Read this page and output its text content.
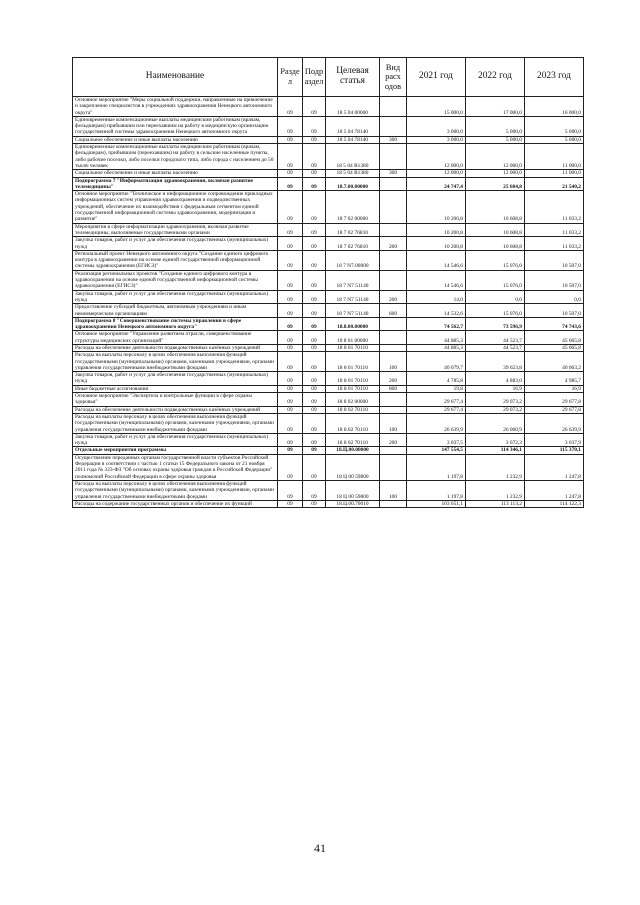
Наименование	Разде л	Подр аздел	Целевая статья	Вид расх одов	2021 год	2022 год	2023 год
Основное мероприятие "Меры социальной поддержки, направленные на привлечение и закрепление специалистов в учреждениях здравоохранения Ненецкого автономного округа"	09	09	18 5 04 00000		15 000,0	17 000,0	16 000,0
Единовременные компенсационные выплаты медицинским работникам (врачам, фельдшерам) прибывшим или переехавшим на работу в медицинскую организацию государственной системы здравоохранения Ненецкого автономного округа	09	09	18 5 04 78140		3 000,0	5 000,0	5 000,0
Социальное обеспечение и иные выплаты населению	09	09	18 5 04 78140	300	3 000,0	5 000,0	5 000,0
Единовременные компенсационные выплаты медицинским работникам (врачам, фельдшерам), прибывшим (переехавшим) на работу в сельские населенные пункты, либо рабочие поселки, либо поселки городского типа, либо города с населением до 50 тысяч человек	09	09	18 5 04 R1380		12 000,0	12 000,0	11 000,0
Социальное обеспечение и иные выплаты населению	09	09	18 5 04 R1380	300	12 000,0	12 000,0	11 000,0
Подпрограмма 7 "Информатизация здравоохранения, включая развитие телемедицины"	09	09	18.7.00.00000		24 747,4	25 684,8	21 540,2
Основное мероприятие "Техническое и информационное сопровождение прикладных информационных систем управления здравоохранения и подведомственных учреждений, обеспечение их взаимодействия с федеральным сегментом единой государственной информационной системы здравоохранения, модернизация и развитие"	09	09	18 7 02 00000		10 200,8	10 608,8	11 033,2
Мероприятия в сфере информатизации здравоохранения, включая развитие телемедицины, выполняемые государственными органами	09	09	18 7 02 76810		10 200,8	10 608,8	11 033,2
Закупка товаров, работ и услуг для обеспечения государственных (муниципальных) нужд	09	09	18 7 02 76810	200	10 200,8	10 608,8	11 033,2
Региональный проект Ненецкого автономного округа "Создание единого цифрового контура в здравоохранении на основе единой государственной информационной системы здравоохранения (ЕГИСЗ)"	09	09	18 7 N7.00000		14 546,6	15 076,0	10 507,0
Реализация региональных проектов "Создание единого цифрового контура в здравоохранении на основе единой государственной информационной системы здравоохранения (ЕГИСЗ)"	09	09	18 7 N7 51140		14 546,6	15 076,0	10 507,0
Закупка товаров, работ и услуг для обеспечения государственных (муниципальных) нужд	09	09	18 7 N7 51140	200	14,0	0,0	0,0
Предоставление субсидий бюджетным, автономным учреждениям и иным некоммерческим организациям	09	09	18 7 N7 51140	600	14 532,6	15 076,0	10 507,0
Подпрограмма 8 "Совершенствование системы управления в сфере здравоохранения Ненецкого автономного округа"	09	09	18.8.00.00000		74 562,7	73 596,9	74 743,6
Основное мероприятие "Управление развитием отрасли, совершенствование структуры медицинских организаций"	09	09	18 8 01 00000		44 885,3	44 523,7	45 065,8
Расходы на обеспечение деятельности подведомственных казённых учреждений	09	09	18 8 01 70110		44 885,3	44 523,7	45 065,8
Расходы на выплаты персоналу в целях обеспечения выполнения функций государственными (муниципальными) органами, казенными учреждениями, органами управления государственными внебюджетными фондами	09	09	18 8 01 70110	100	40 079,7	39 623,8	40 063,2
Закупка товаров, работ и услуг для обеспечения государственных (муниципальных) нужд	09	09	18 8 01 70110	200	4 785,8	4 883,0	4 985,7
Иные бюджетные ассигнования	09	09	18 8 01 70110	800	19,8	16,9	16,9
Основное мероприятие "Экспертиза и контрольные функции в сфере охраны здоровья"	09	09	18 8 02 00000		29 677,4	29 073,2	29 677,8
Расходы на обеспечение деятельности подведомственных казённых учреждений	09	09	18 8 02 70110		29 677,4	29 073,2	29 677,8
Расходы на выплаты персоналу в целях обеспечения выполнения функций государственными (муниципальными) органами, казенными учреждениями, органами управления государственными внебюджетными фондами	09	09	18 8.02 70110	100	26 639,9	26 000,9	26 639,9
Закупка товаров, работ и услуг для обеспечения государственных (муниципальных) нужд	09	09	18 8 02 70110	200	3 037,5	3 072,3	3 037,9
Отдельные мероприятия программы	09	09	18.Ц.00.00000		147 554,5	114 346,1	115 370,1
Осуществление переданных органам государственной власти субъектов Российской Федерации в соответствии с частью 1 статьи 15 Федерального закона от 21 ноября 2011 года № 323-ФЗ "Об основах охраны здоровья граждан в Российской Федерации" полномочий Российской Федерации в сфере охраны здоровья	09	09	18 Ц 00 59800		1 197,8	1 232,9	1 247,8
Расходы на выплаты персоналу в целях обеспечения выполнения функций государственными (муниципальными) органами, казенными учреждениями, органами управления государственными внебюджетными фондами	09	09	18 Ц 00 59800	100	1 197,8	1 232,9	1 247,8
Расходы на содержание государственных органов и обеспечение их функций	09	09	18.Ц.00.70010		103 651,1	113 113,2	114 122,3
41
